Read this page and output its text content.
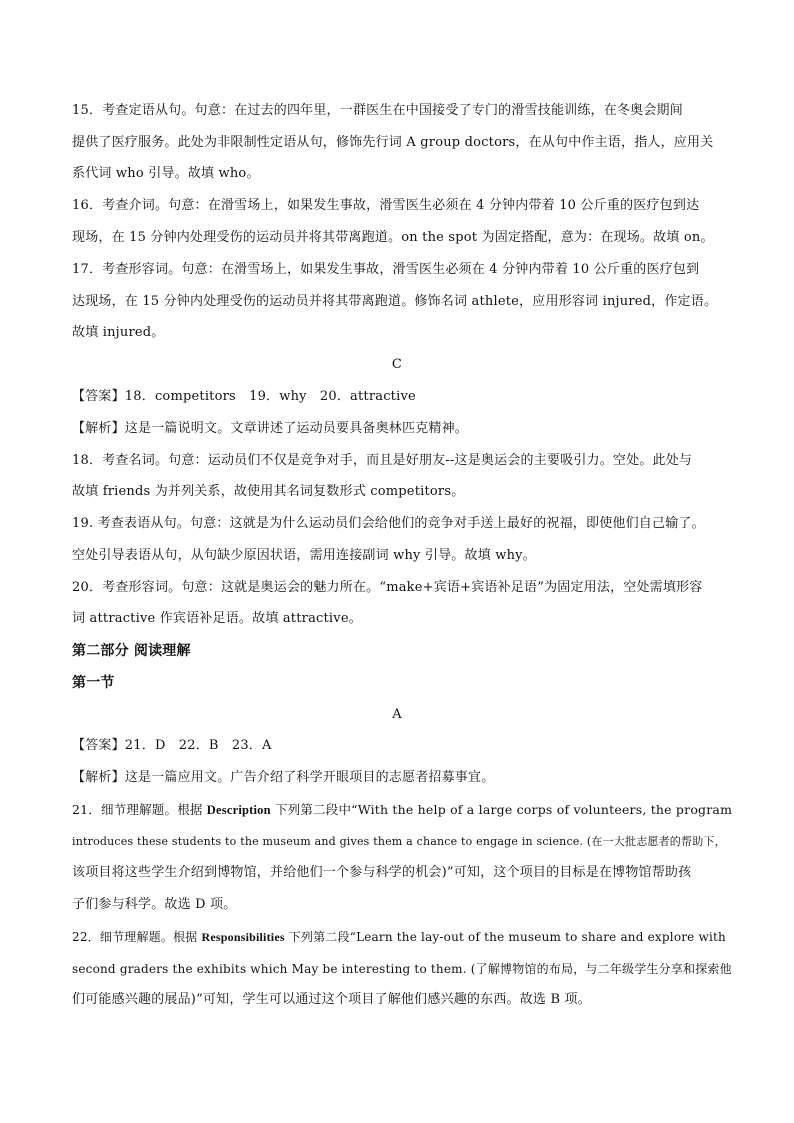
15．考查定语从句。句意：在过去的四年里，一群医生在中国接受了专门的滑雪技能训练，在冬奥会期间
提供了医疗服务。此处为非限制性定语从句，修饰先行词 A group doctors，在从句中作主语，指人，应用关
系代词 who 引导。故填 who。
16．考查介词。句意：在滑雪场上，如果发生事故，滑雪医生必须在 4 分钟内带着 10 公斤重的医疗包到达
现场，在 15 分钟内处理受伤的运动员并将其带离跑道。on the spot 为固定搭配，意为：在现场。故填 on。
17．考查形容词。句意：在滑雪场上，如果发生事故，滑雪医生必须在 4 分钟内带着 10 公斤重的医疗包到
达现场，在 15 分钟内处理受伤的运动员并将其带离跑道。修饰名词 athlete，应用形容词 injured，作定语。
故填 injured。
C
【答案】18．competitors　19．why　20．attractive
【解析】这是一篇说明文。文章讲述了运动员要具备奥林匹克精神。
18．考查名词。句意：运动员们不仅是竞争对手，而且是好朋友--这是奥运会的主要吸引力。空处。此处与
故填 friends 为并列关系，故使用其名词复数形式 competitors。
19. 考查表语从句。句意：这就是为什么运动员们会给他们的竞争对手送上最好的祝福，即使他们自己输了。
空处引导表语从句，从句缺少原因状语，需用连接副词 why 引导。故填 why。
20．考查形容词。句意：这就是奥运会的魅力所在。“make+宾语+宾语补足语”为固定用法，空处需填形容
词 attractive 作宾语补足语。故填 attractive。
第二部分 阅读理解
第一节
A
【答案】21．D　22．B　23．A
【解析】这是一篇应用文。广告介绍了科学开眼项目的志愿者招募事宜。
21．细节理解题。根据 Description 下列第二段中“With the help of a large corps of volunteers, the program
introduces these students to the museum and gives them a chance to engage in science. (在一大批志愿者的帮助下，
该项目将这些学生介绍到博物馆，并给他们一个参与科学的机会)”可知，这个项目的目标是在博物馆帮助孩
子们参与科学。故选 D 项。
22．细节理解题。根据 Responsibilities 下列第二段“Learn the lay-out of the museum to share and explore with
second graders the exhibits which May be interesting to them. (了解博物馆的布局，与二年级学生分享和探索他
们可能感兴趣的展品)”可知，学生可以通过这个项目了解他们感兴趣的东西。故选 B 项。
